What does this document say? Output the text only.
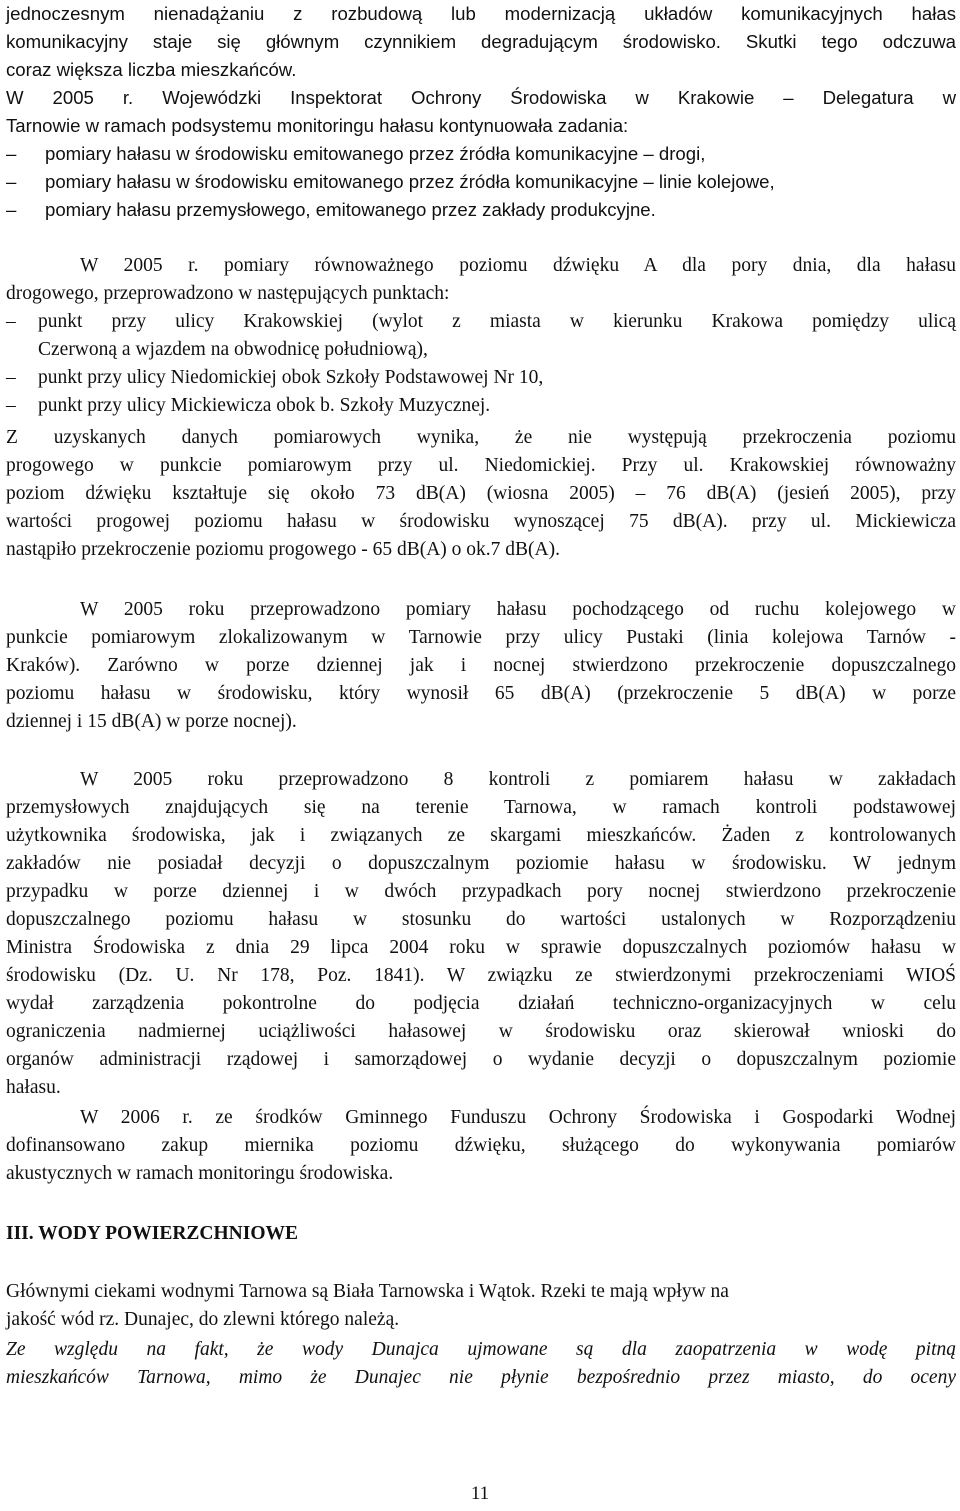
jednoczesnym nienadążaniu z rozbudową lub modernizacją układów komunikacyjnych hałas
komunikacyjny staje się głównym czynnikiem degradującym środowisko. Skutki tego odczuwa
coraz większa liczba mieszkańców.
W 2005 r. Wojewódzki Inspektorat Ochrony Środowiska w Krakowie – Delegatura w
Tarnowie w ramach podsystemu monitoringu hałasu kontynuowała zadania:
–	pomiary hałasu w środowisku emitowanego przez źródła komunikacyjne – drogi,
–	pomiary hałasu w środowisku emitowanego przez źródła komunikacyjne – linie kolejowe,
–	pomiary hałasu przemysłowego, emitowanego przez zakłady produkcyjne.
W 2005 r. pomiary równoważnego poziomu dźwięku A dla pory dnia, dla hałasu
drogowego, przeprowadzono w następujących punktach:
–	punkt przy ulicy Krakowskiej (wylot z miasta w kierunku Krakowa pomiędzy ulicą
Czerwoną a wjazdem na obwodnicę południową),
–	punkt przy ulicy Niedomickiej obok Szkoły Podstawowej Nr 10,
–	punkt przy ulicy Mickiewicza obok b. Szkoły Muzycznej.
Z uzyskanych danych pomiarowych wynika, że nie występują przekroczenia poziomu
progowego w punkcie pomiarowym przy ul. Niedomickiej. Przy ul. Krakowskiej równoważny
poziom dźwięku kształtuje się około 73 dB(A) (wiosna 2005) – 76 dB(A) (jesień 2005), przy
wartości progowej poziomu hałasu w środowisku wynoszącej 75 dB(A). przy ul. Mickiewicza
nastąpiło przekroczenie poziomu progowego - 65 dB(A) o ok.7 dB(A).
W 2005 roku przeprowadzono pomiary hałasu pochodzącego od ruchu kolejowego w
punkcie pomiarowym zlokalizowanym w Tarnowie przy ulicy Pustaki (linia kolejowa Tarnów -
Kraków). Zarówno w porze dziennej jak i nocnej stwierdzono przekroczenie dopuszczalnego
poziomu hałasu w środowisku, który wynosił 65 dB(A) (przekroczenie 5 dB(A) w porze
dziennej i 15 dB(A) w porze nocnej).
W 2005 roku przeprowadzono 8 kontroli z pomiarem hałasu w zakładach
przemysłowych znajdujących się na terenie Tarnowa, w ramach kontroli podstawowej
użytkownika środowiska, jak i związanych ze skargami mieszkańców. Żaden z kontrolowanych
zakładów nie posiadał decyzji o dopuszczalnym poziomie hałasu w środowisku. W jednym
przypadku w porze dziennej i w dwóch przypadkach pory nocnej stwierdzono przekroczenie
dopuszczalnego poziomu hałasu w stosunku do wartości ustalonych w Rozporządzeniu
Ministra Środowiska z dnia 29 lipca 2004 roku w sprawie dopuszczalnych poziomów hałasu w
środowisku (Dz. U. Nr 178, Poz. 1841). W związku ze stwierdzonymi przekroczeniami WIOŚ
wydał zarządzenia pokontrolne do podjęcia działań techniczno-organizacyjnych w celu
ograniczenia nadmiernej uciążliwości hałasowej w środowisku oraz skierował wnioski do
organów administracji rządowej i samorządowej o wydanie decyzji o dopuszczalnym poziomie
hałasu.
W 2006 r. ze środków Gminnego Funduszu Ochrony Środowiska i Gospodarki Wodnej
dofinansowano zakup miernika poziomu dźwięku, służącego do wykonywania pomiarów
akustycznych w ramach monitoringu środowiska.
III. WODY POWIERZCHNIOWE
Głównymi ciekami wodnymi Tarnowa są Biała Tarnowska i Wątok. Rzeki te mają wpływ na
jakość wód rz. Dunajec, do zlewni którego należą.
Ze względu na fakt, że wody Dunajca ujmowane są dla zaopatrzenia w wodę pitną
mieszkańców Tarnowa, mimo że Dunajec nie płynie bezpośrednio przez miasto, do oceny
11
